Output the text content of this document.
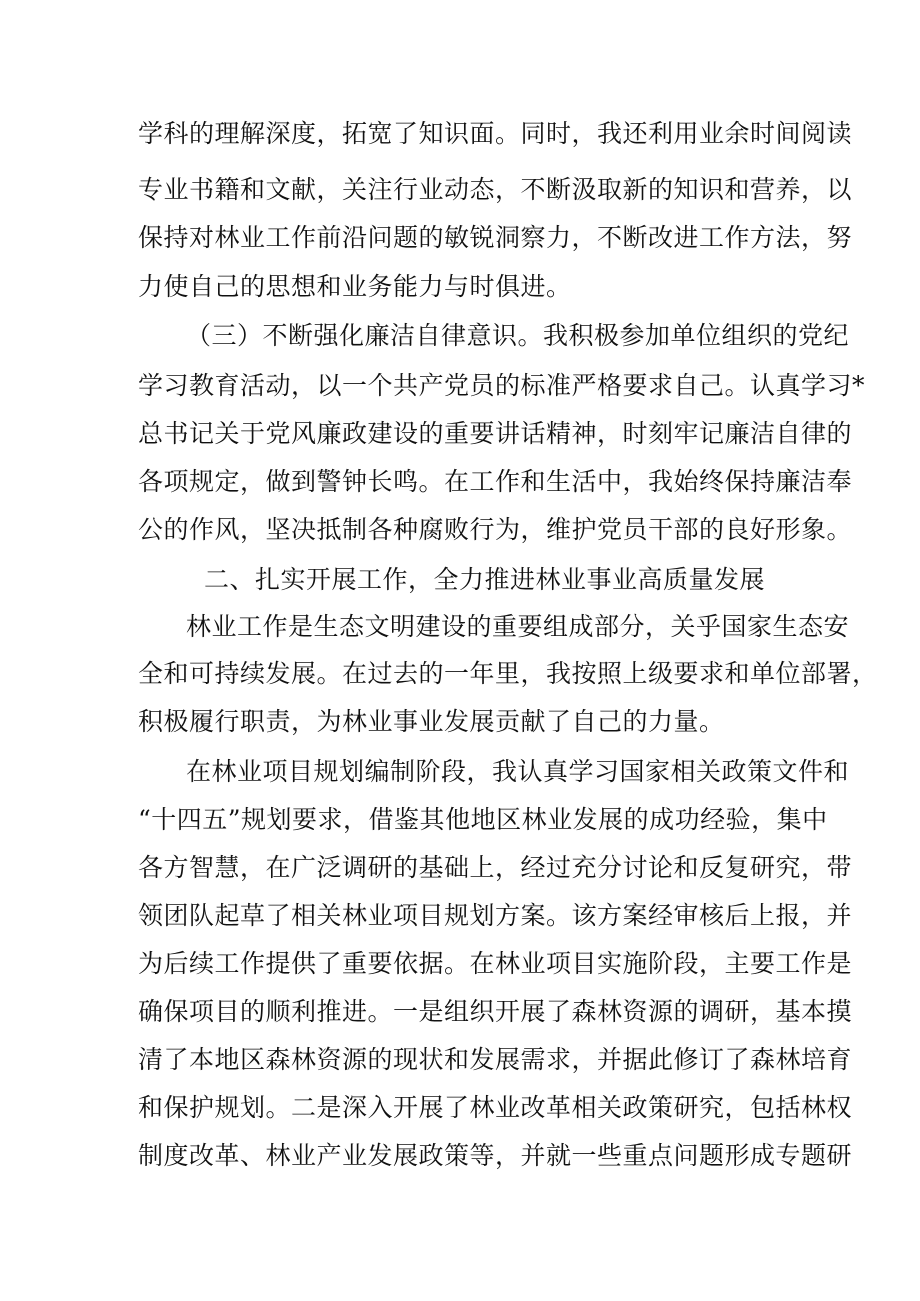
学科的理解深度，拓宽了知识面。同时，我还利用业余时间阅读
专业书籍和文献，关注行业动态，不断汲取新的知识和营养，以
保持对林业工作前沿问题的敏锐洞察力，不断改进工作方法，努
力使自己的思想和业务能力与时俱进。
（三）不断强化廉洁自律意识。我积极参加单位组织的党纪
学习教育活动，以一个共产党员的标准严格要求自己。认真学习*
总书记关于党风廉政建设的重要讲话精神，时刻牢记廉洁自律的
各项规定，做到警钟长鸣。在工作和生活中，我始终保持廉洁奉
公的作风，坚决抵制各种腐败行为，维护党员干部的良好形象。
二、扎实开展工作，全力推进林业事业高质量发展
林业工作是生态文明建设的重要组成部分，关乎国家生态安
全和可持续发展。在过去的一年里，我按照上级要求和单位部署，
积极履行职责，为林业事业发展贡献了自己的力量。
在林业项目规划编制阶段，我认真学习国家相关政策文件和
“十四五”规划要求，借鉴其他地区林业发展的成功经验，集中
各方智慧，在广泛调研的基础上，经过充分讨论和反复研究，带
领团队起草了相关林业项目规划方案。该方案经审核后上报，并
为后续工作提供了重要依据。在林业项目实施阶段，主要工作是
确保项目的顺利推进。一是组织开展了森林资源的调研，基本摸
清了本地区森林资源的现状和发展需求，并据此修订了森林培育
和保护规划。二是深入开展了林业改革相关政策研究，包括林权
制度改革、林业产业发展政策等，并就一些重点问题形成专题研
